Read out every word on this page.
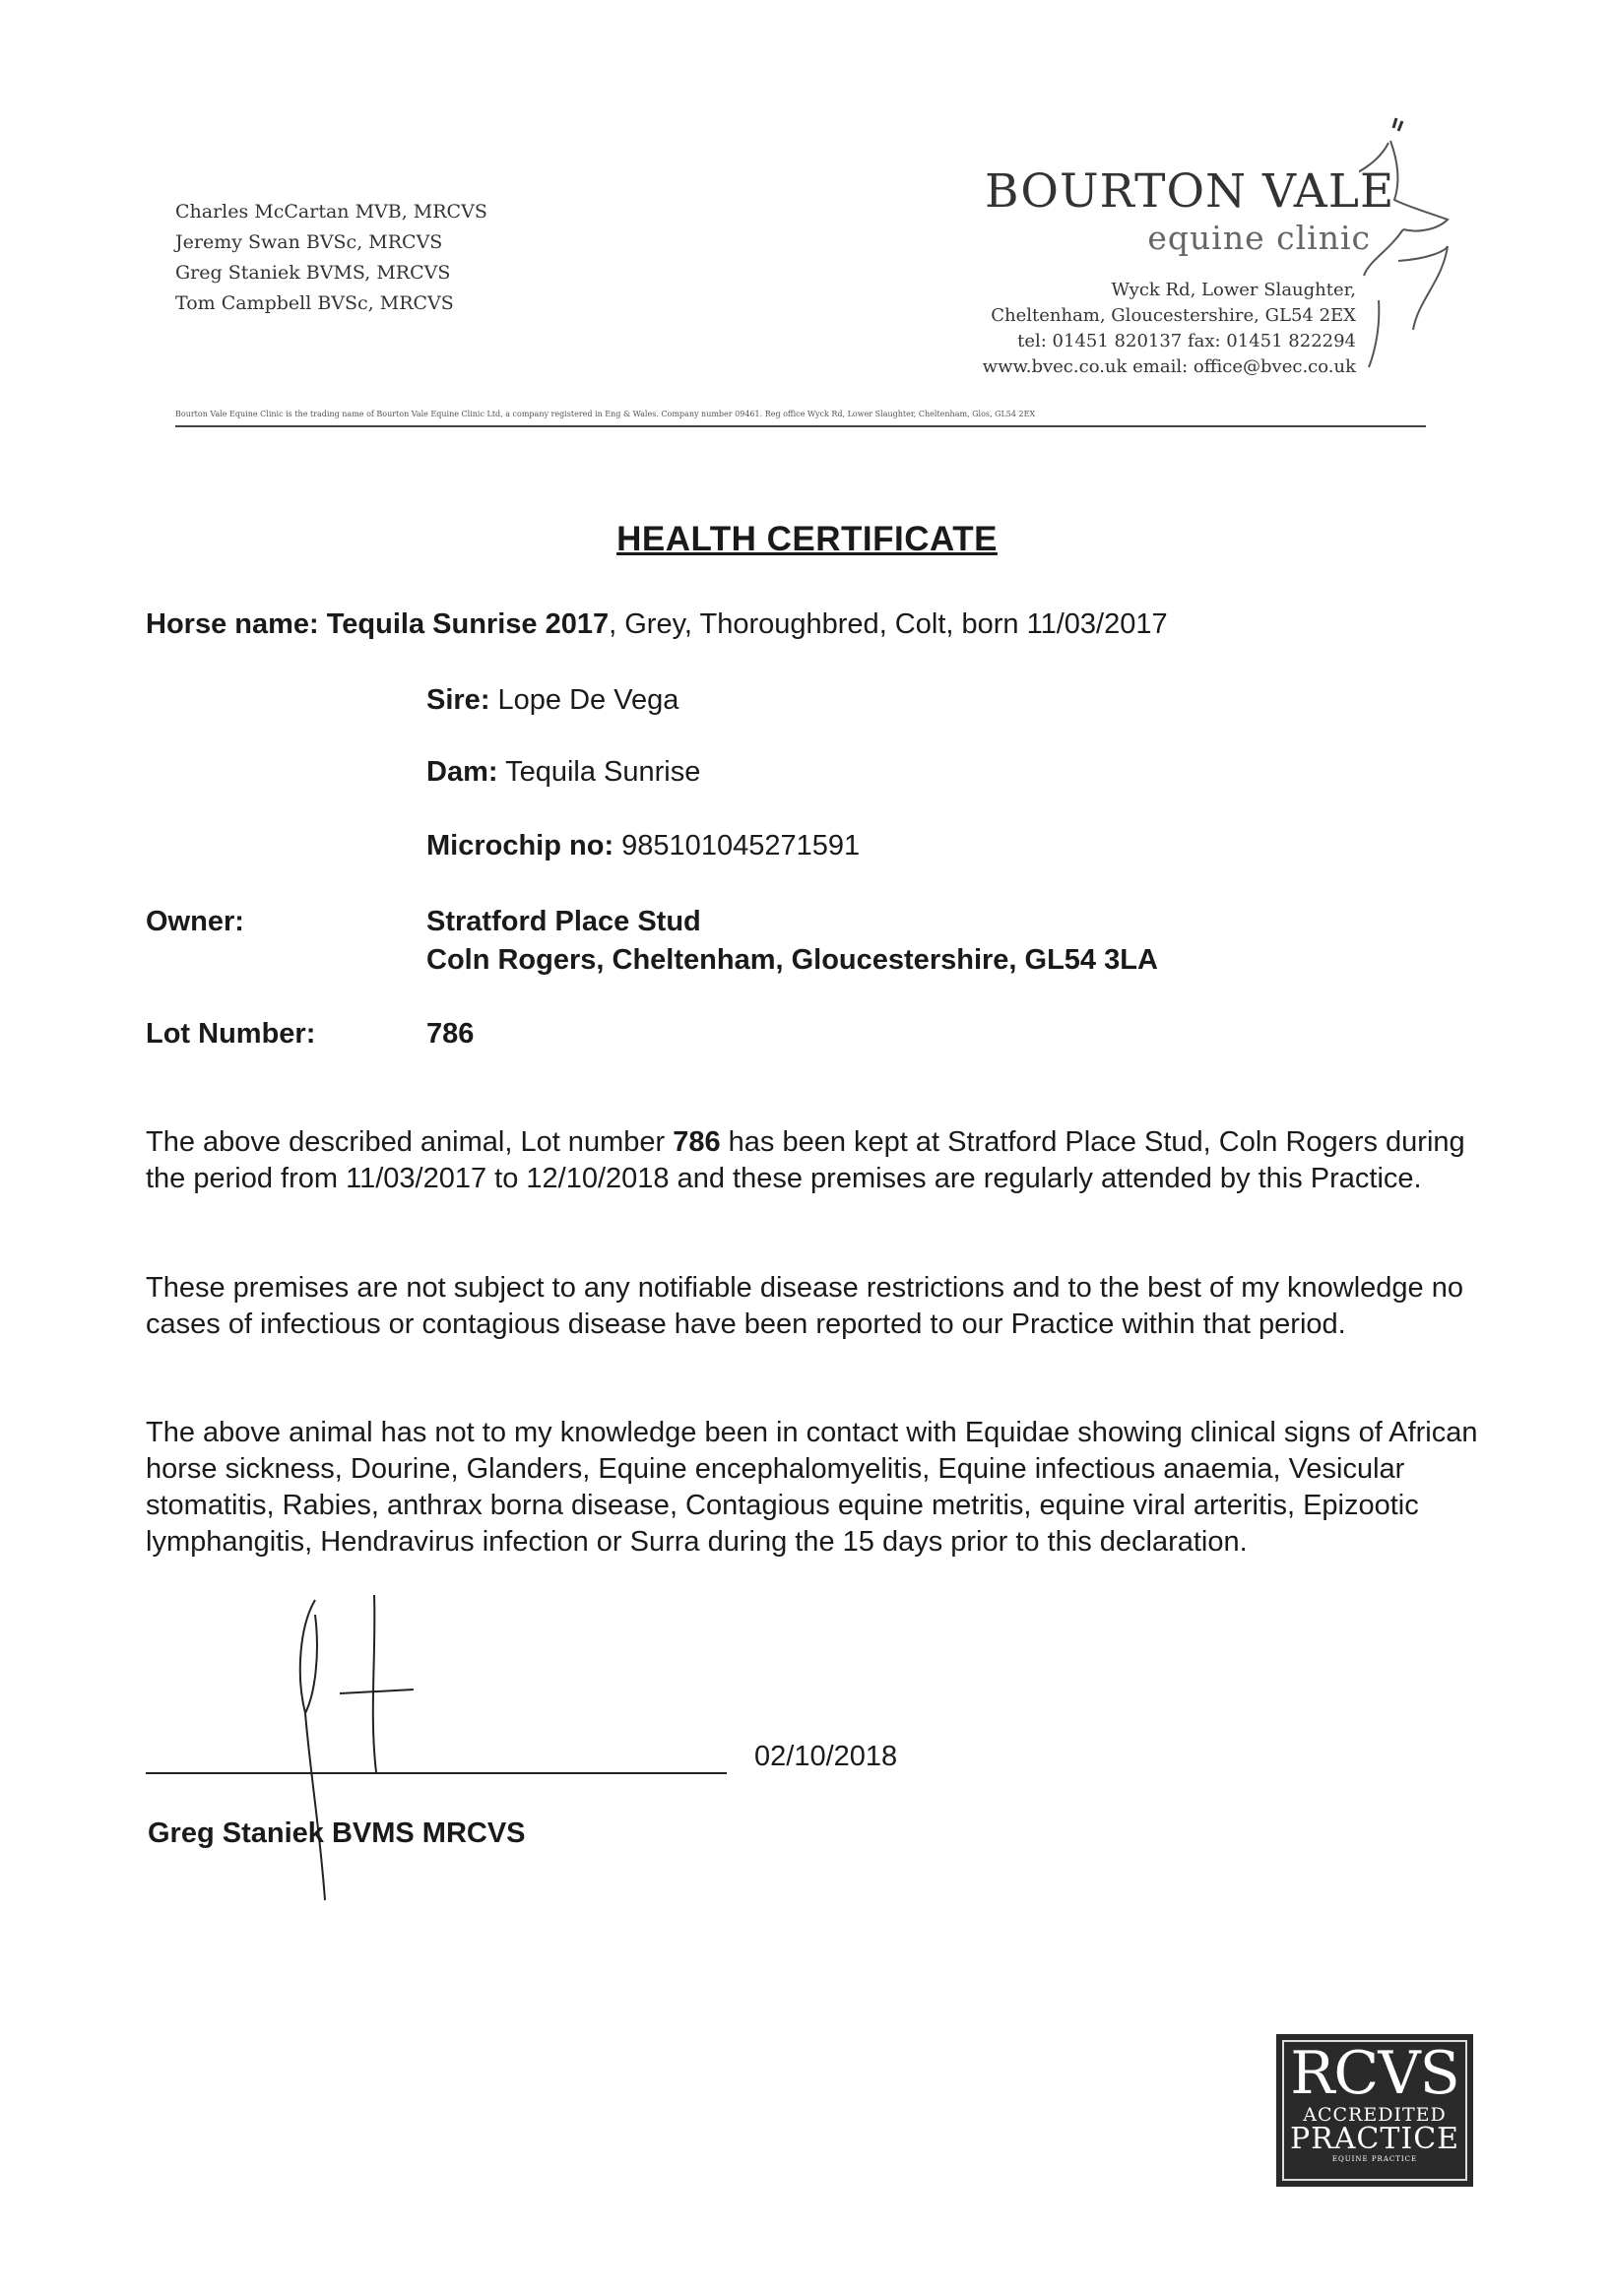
Charles McCartan MVB, MRCVS
Jeremy Swan BVSc, MRCVS
Greg Staniek BVMS, MRCVS
Tom Campbell BVSc, MRCVS
BOURTON VALE
equine clinic
Wyck Rd, Lower Slaughter,
Cheltenham, Gloucestershire, GL54 2EX
tel: 01451 820137 fax: 01451 822294
www.bvec.co.uk email: office@bvec.co.uk
Bourton Vale Equine Clinic is the trading name of Bourton Vale Equine Clinic Ltd, a company registered in Eng & Wales. Company number 09461. Reg office Wyck Rd, Lower Slaughter, Cheltenham, Glos, GL54 2EX
HEALTH CERTIFICATE
Horse name: Tequila Sunrise 2017, Grey, Thoroughbred, Colt, born 11/03/2017
Sire: Lope De Vega
Dam: Tequila Sunrise
Microchip no: 985101045271591
Owner:	Stratford Place Stud
Coln Rogers, Cheltenham, Gloucestershire, GL54 3LA
Lot Number:	786

The above described animal, Lot number 786 has been kept at Stratford Place Stud, Coln Rogers during the period from 11/03/2017 to 12/10/2018 and these premises are regularly attended by this Practice.

These premises are not subject to any notifiable disease restrictions and to the best of my knowledge no cases of infectious or contagious disease have been reported to our Practice within that period.

The above animal has not to my knowledge been in contact with Equidae showing clinical signs of African horse sickness, Dourine, Glanders, Equine encephalomyelitis, Equine infectious anaemia, Vesicular stomatitis, Rabies, anthrax borna disease, Contagious equine metritis, equine viral arteritis, Epizootic lymphangitis, Hendravirus infection or Surra during the 15 days prior to this declaration.

02/10/2018
Greg Staniek BVMS MRCVS
RCVS
ACCREDITED
PRACTICE
EQUINE PRACTICE
